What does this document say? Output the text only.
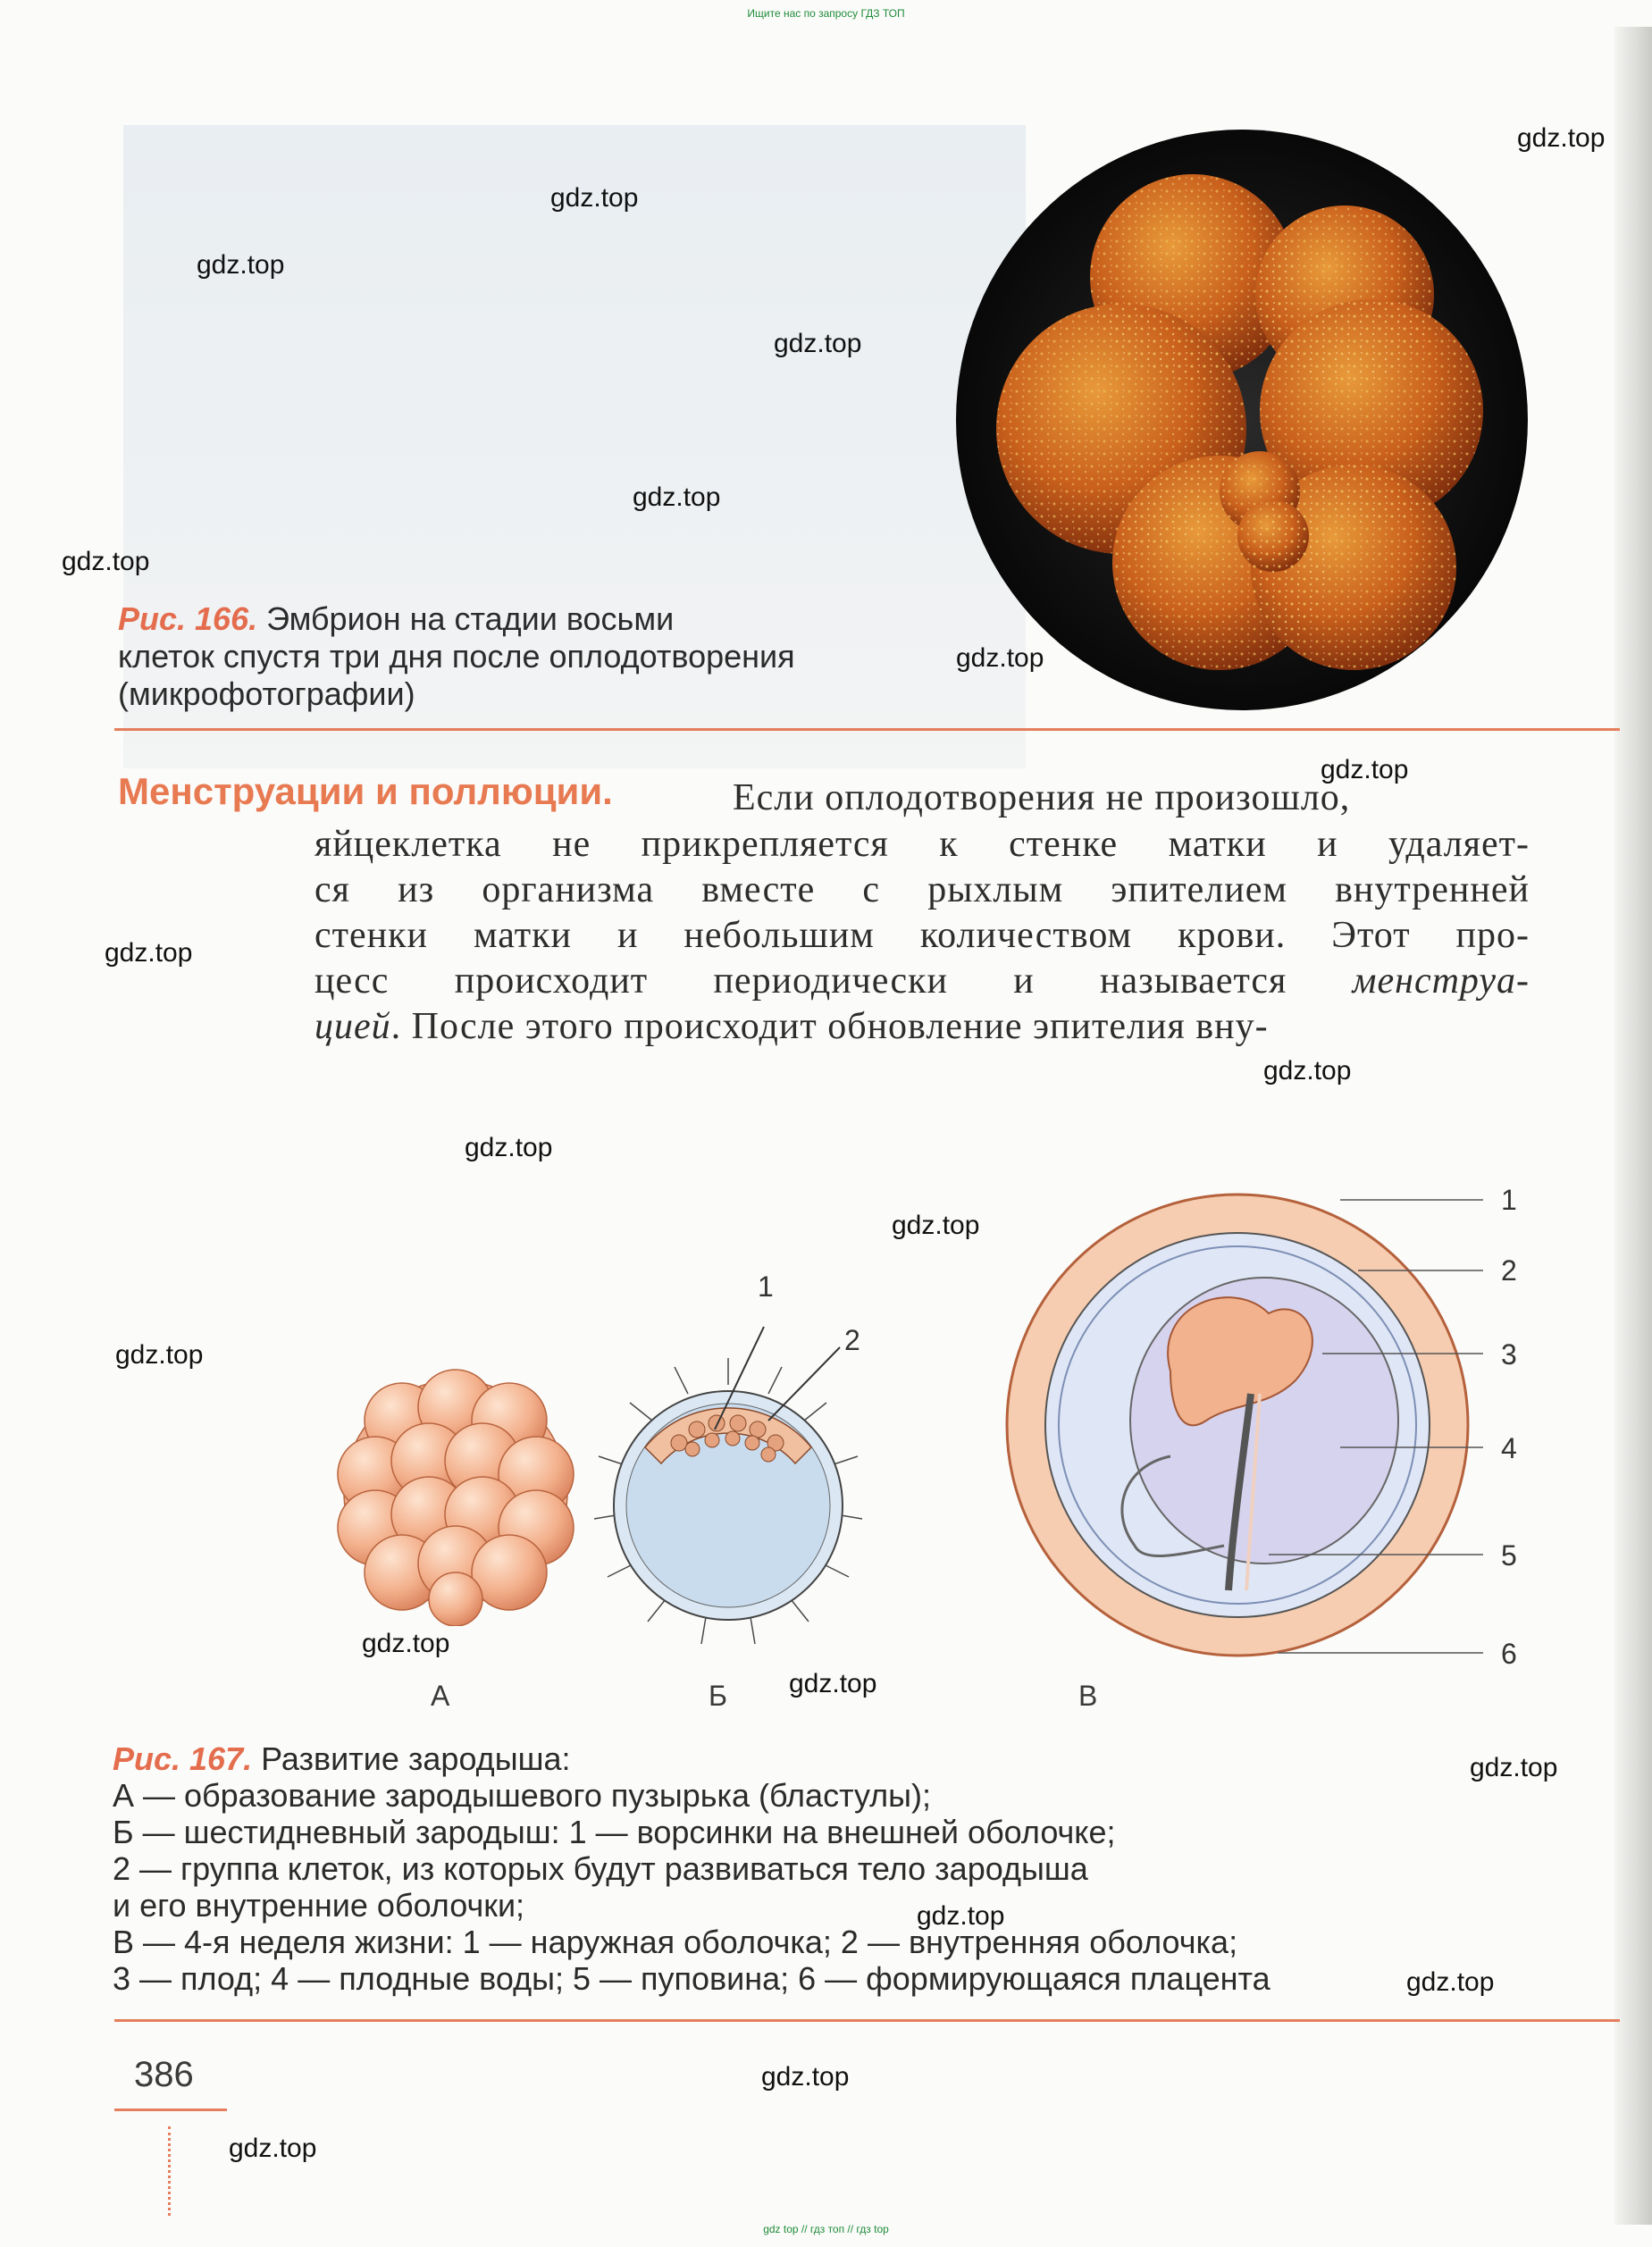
Ищите нас по запросу ГДЗ ТОП
gdz top // гдз топ // гдз top
Рис. 166. Эмбрион на стадии восьми
клеток спустя три дня после оплодотворения
(микрофотографии)
Менструации и поллюции.	Если оплодотворения не произошло,

яйцеклетка не прикрепляется к стенке матки и удаляет-

ся из организма вместе с рыхлым эпителием внутренней

стенки матки и небольшим количеством крови. Этот про-

цесс происходит периодически и называется менструа-

цией. После этого происходит обновление эпителия вну-

А
1
2
Б
1
2
3
4
5
6
В
Рис. 167. Развитие зародыша:
А — образование зародышевого пузырька (бластулы);
Б — шестидневный зародыш: 1 — ворсинки на внешней оболочке;
2 — группа клеток, из которых будут развиваться тело зародыша
и его внутренние оболочки;
В — 4-я неделя жизни: 1 — наружная оболочка; 2 — внутренняя оболочка;
3 — плод; 4 — плодные воды; 5 — пуповина; 6 — формирующаяся плацента
386
gdz.top
gdz.top
gdz.top
gdz.top
gdz.top
gdz.top
gdz.top
gdz.top
gdz.top
gdz.top
gdz.top
gdz.top
gdz.top
gdz.top
gdz.top
gdz.top
gdz.top
gdz.top
gdz.top
gdz.top
